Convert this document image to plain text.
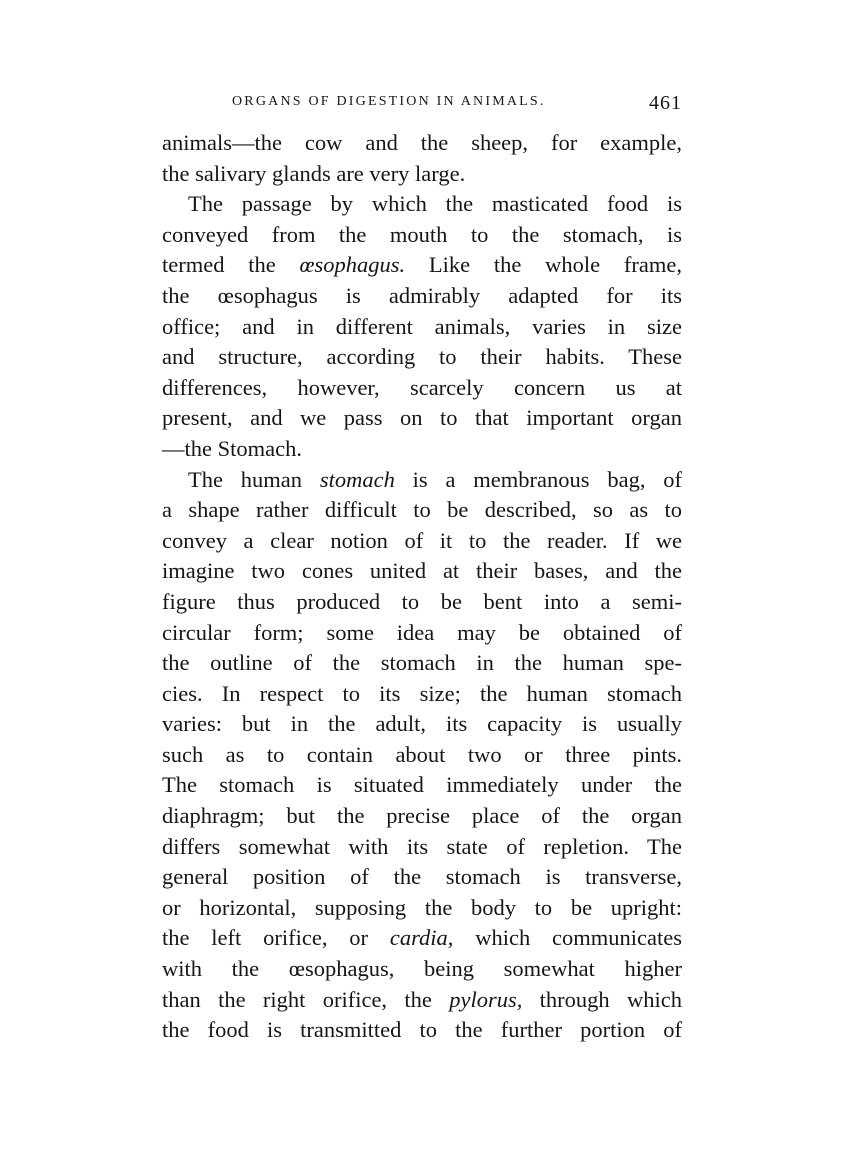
ORGANS OF DIGESTION IN ANIMALS.	461
animals—the cow and the sheep, for example,
the salivary glands are very large.
The passage by which the masticated food is
conveyed from the mouth to the stomach, is
termed the œsophagus. Like the whole frame,
the œsophagus is admirably adapted for its
office; and in different animals, varies in size
and structure, according to their habits. These
differences, however, scarcely concern us at
present, and we pass on to that important organ
—the Stomach.
The human stomach is a membranous bag, of
a shape rather difficult to be described, so as to
convey a clear notion of it to the reader. If we
imagine two cones united at their bases, and the
figure thus produced to be bent into a semi-
circular form; some idea may be obtained of
the outline of the stomach in the human spe-
cies. In respect to its size; the human stomach
varies: but in the adult, its capacity is usually
such as to contain about two or three pints.
The stomach is situated immediately under the
diaphragm; but the precise place of the organ
differs somewhat with its state of repletion. The
general position of the stomach is transverse,
or horizontal, supposing the body to be upright:
the left orifice, or cardia, which communicates
with the œsophagus, being somewhat higher
than the right orifice, the pylorus, through which
the food is transmitted to the further portion of
